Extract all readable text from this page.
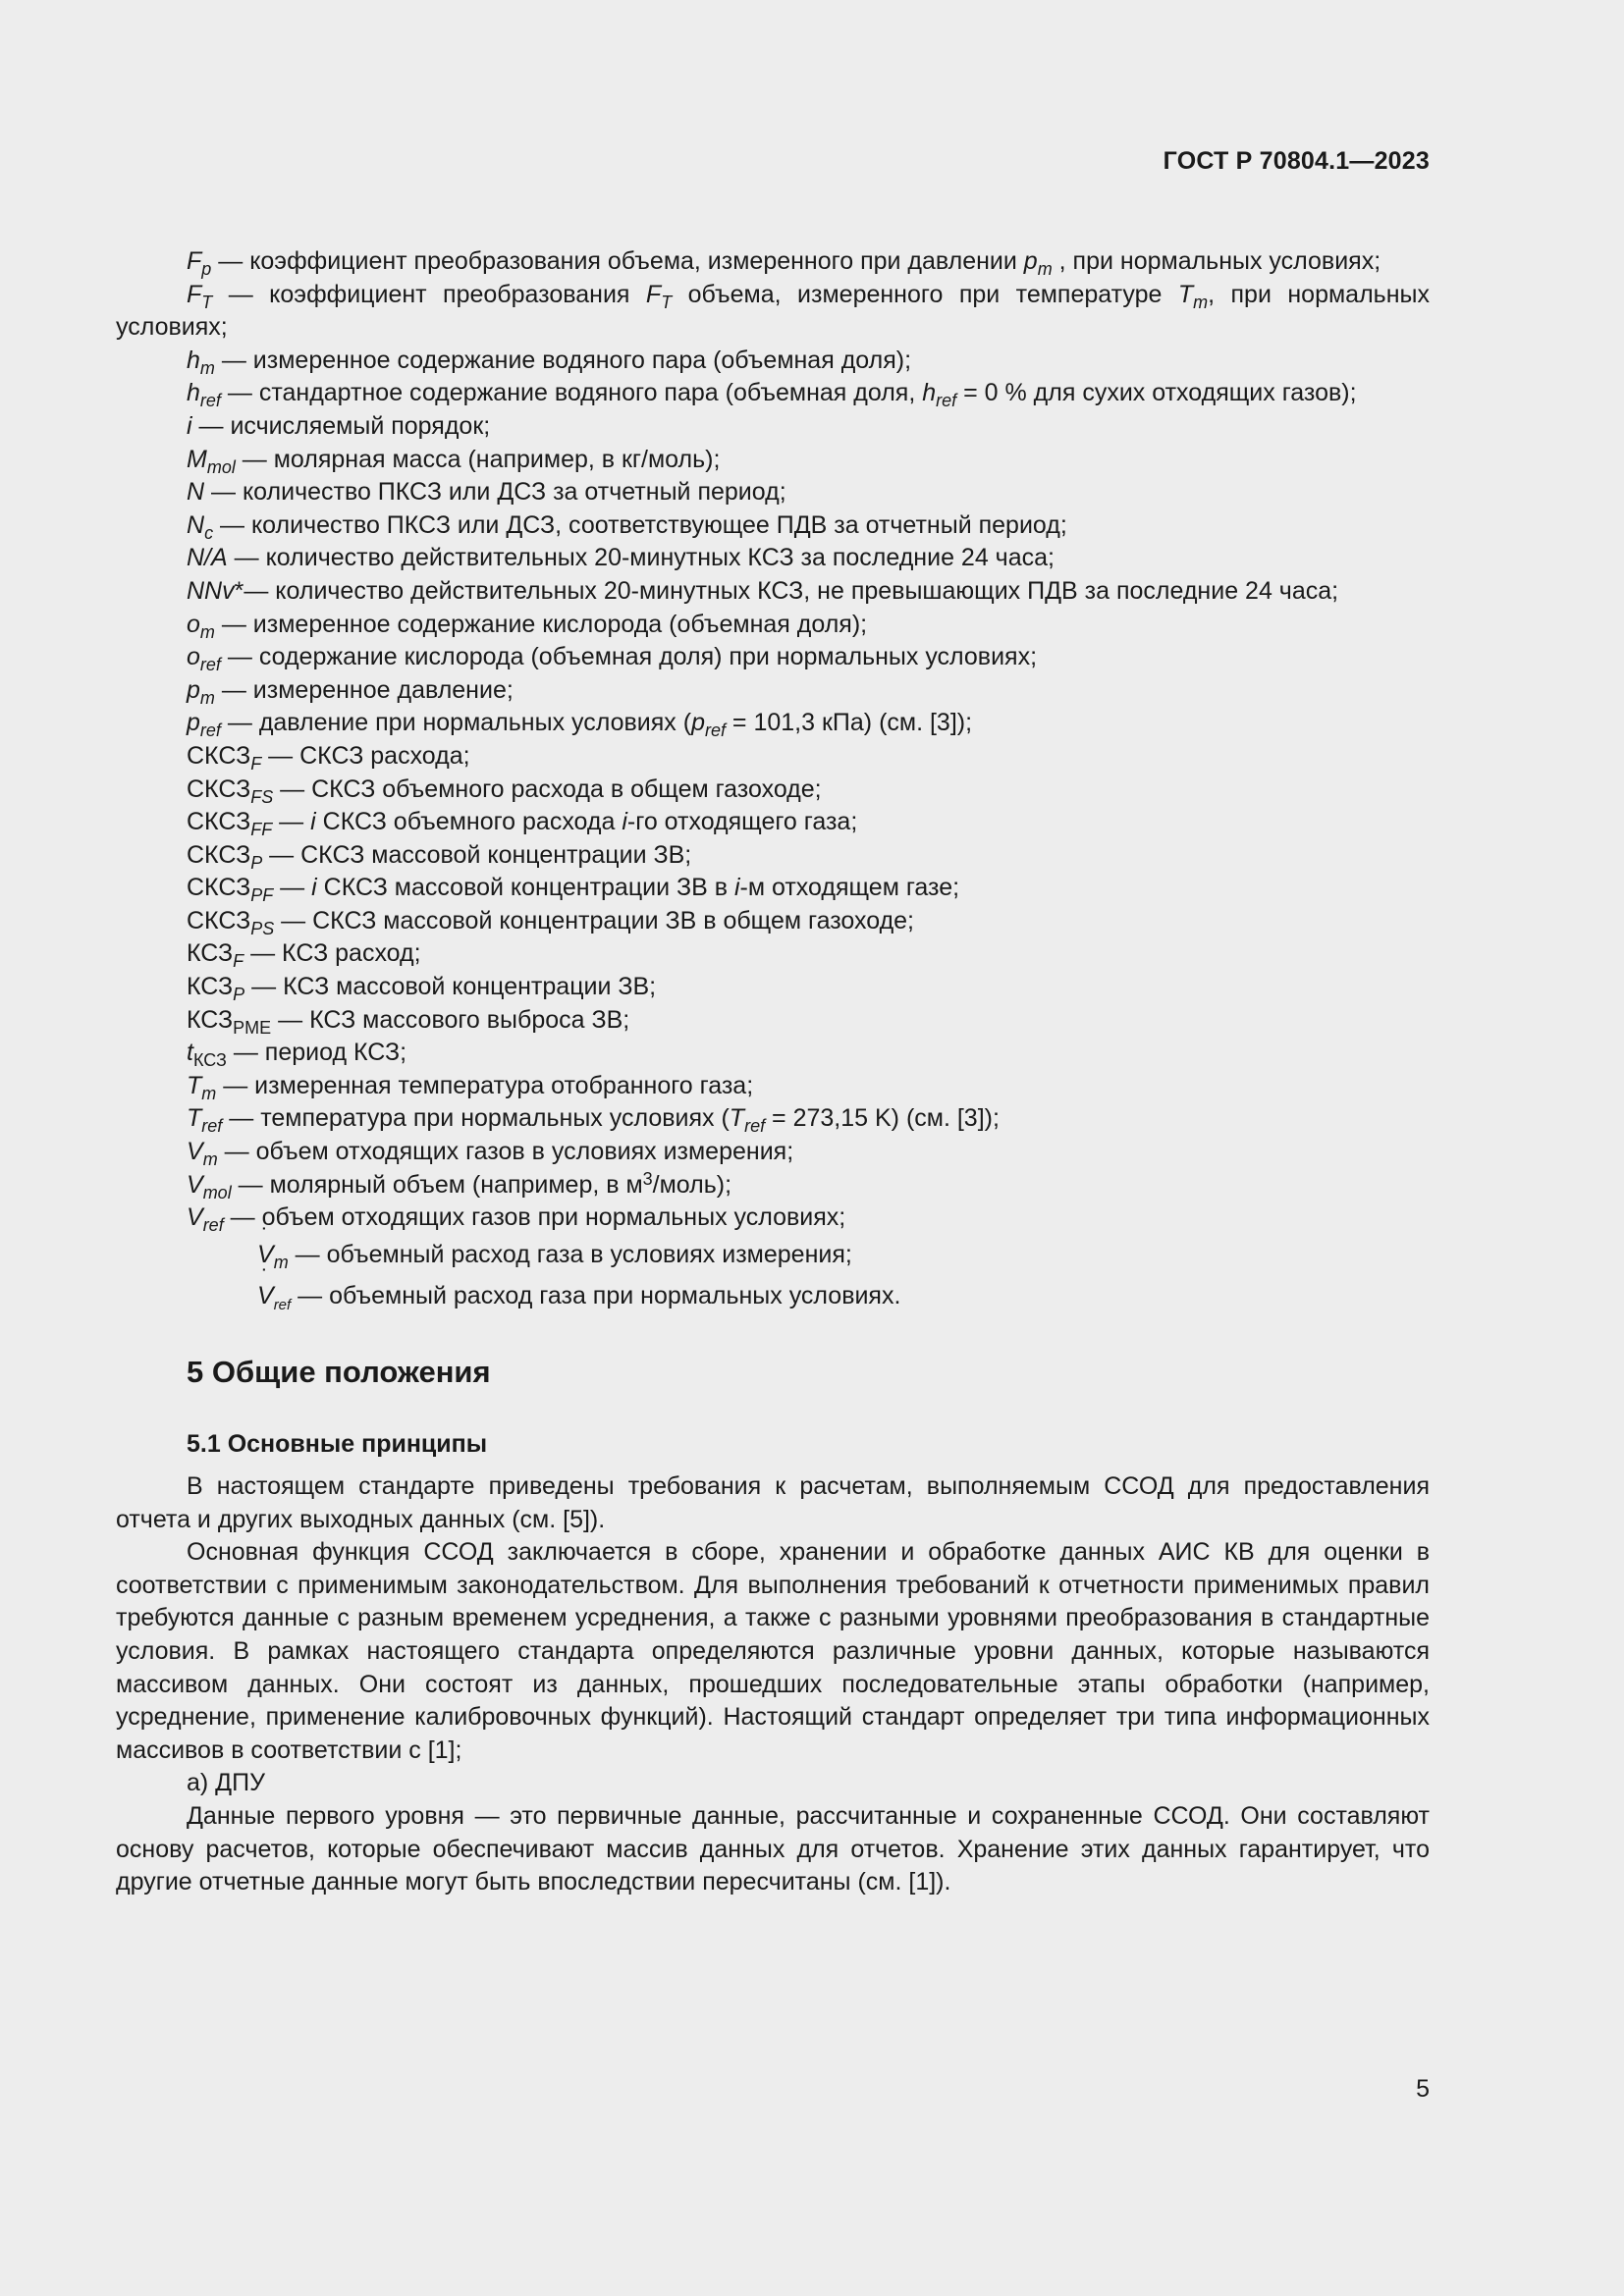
ГОСТ Р 70804.1—2023
$F_p$ — коэффициент преобразования объема, измеренного при давлении $p_m$ , при нормальных условиях;
$F_T$ — коэффициент преобразования $F_T$ объема, измеренного при температуре $T_m$, при нормальных условиях;
$h_m$ — измеренное содержание водяного пара (объемная доля);
$h_{ref}$ — стандартное содержание водяного пара (объемная доля, $h_{ref} = 0$ % для сухих отходящих газов);
i — исчисляемый порядок;
$M_{mol}$ — молярная масса (например, в кг/моль);
N — количество ПКСЗ или ДСЗ за отчетный период;
$N_c$ — количество ПКСЗ или ДСЗ, соответствующее ПДВ за отчетный период;
N/A — количество действительных 20-минутных КСЗ за последние 24 часа;
NNv*— количество действительных 20-минутных КСЗ, не превышающих ПДВ за последние 24 часа;
$o_m$ — измеренное содержание кислорода (объемная доля);
$o_{ref}$ — содержание кислорода (объемная доля) при нормальных условиях;
$p_m$ — измеренное давление;
$p_{ref}$ — давление при нормальных условиях ($p_{ref} = 101,3$ кПа) (см. [3]);
$СКСЗ_F$ — СКСЗ расхода;
$СКСЗ_{FS}$ — СКСЗ объемного расхода в общем газоходе;
$СКСЗ_{FF}$ — i СКСЗ объемного расхода i-го отходящего газа;
$СКСЗ_P$ — СКСЗ массовой концентрации ЗВ;
$СКСЗ_{PF}$ — i СКСЗ массовой концентрации ЗВ в i-м отходящем газе;
$СКСЗ_{PS}$ — СКСЗ массовой концентрации ЗВ в общем газоходе;
$КСЗ_F$ — КСЗ расход;
$КСЗ_P$ — КСЗ массовой концентрации ЗВ;
$КСЗ_{PME}$ — КСЗ массового выброса ЗВ;
$t_{КСЗ}$ — период КСЗ;
$T_m$ — измеренная температура отобранного газа;
$T_{ref}$ — температура при нормальных условиях ($T_{ref} = 273,15$ K) (см. [3]);
$V_m$ — объем отходящих газов в условиях измерения;
$V_{mol}$ — молярный объем (например, в $м^3/моль$);
$V_{ref}$ — объем отходящих газов при нормальных условиях;
˙ $V_m$ — объемный расход газа в условиях измерения;
˙ $V_{ref}$ — объемный расход газа при нормальных условиях.
5 Общие положения
5.1 Основные принципы

В настоящем стандарте приведены требования к расчетам, выполняемым ССОД для предоставления отчета и других выходных данных (см. [5]).

Основная функция ССОД заключается в сборе, хранении и обработке данных АИС КВ для оценки в соответствии с применимым законодательством. Для выполнения требований к отчетности применимых правил требуются данные с разным временем усреднения, а также с разными уровнями преобразования в стандартные условия. В рамках настоящего стандарта определяются различные уровни данных, которые называются массивом данных. Они состоят из данных, прошедших последовательные этапы обработки (например, усреднение, применение калибровочных функций). Настоящий стандарт определяет три типа информационных массивов в соответствии с [1];

а) ДПУ

Данные первого уровня — это первичные данные, рассчитанные и сохраненные ССОД. Они составляют основу расчетов, которые обеспечивают массив данных для отчетов. Хранение этих данных гарантирует, что другие отчетные данные могут быть впоследствии пересчитаны (см. [1]).

5
